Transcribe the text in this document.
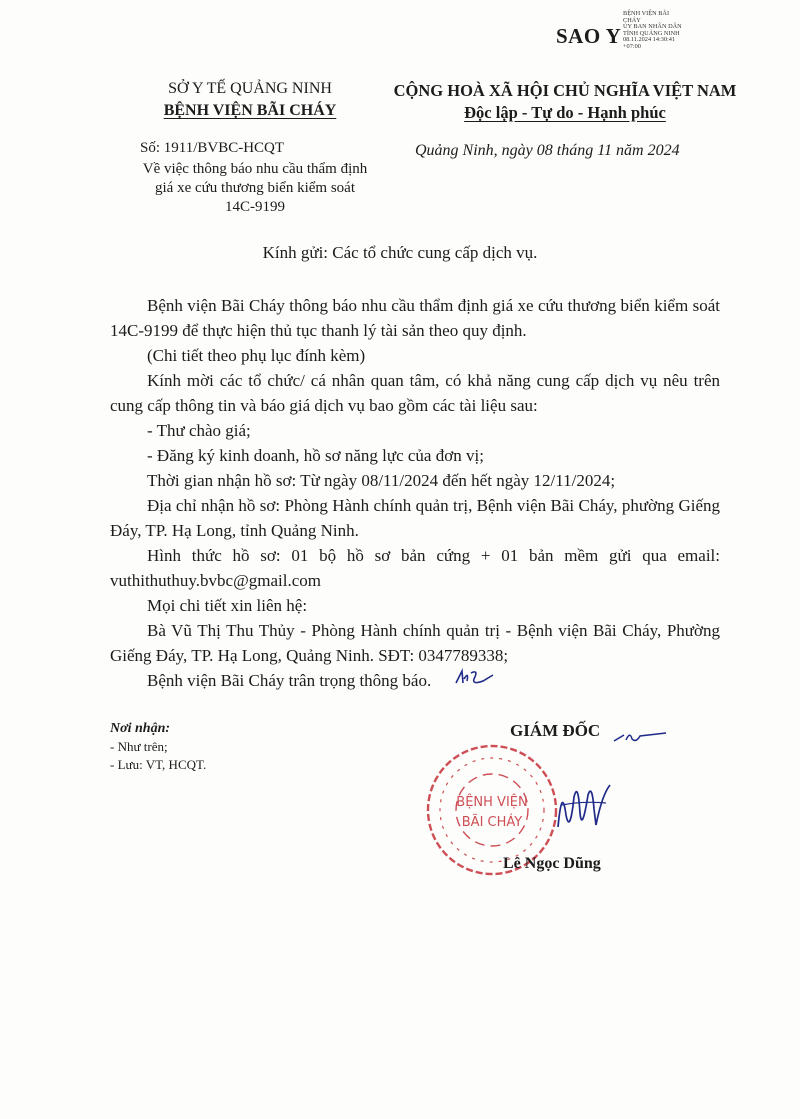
SAO Y
BỆNH VIỆN BÃI
CHÁY
ỦY BAN NHÂN DÂN
TỈNH QUẢNG NINH
08.11.2024 14:30:41
+07:00
SỞ Y TẾ QUẢNG NINH
BỆNH VIỆN BÃI CHÁY
CỘNG HOÀ XÃ HỘI CHỦ NGHĨA VIỆT NAM
Độc lập - Tự do - Hạnh phúc
Số: 1911/BVBC-HCQT
Về việc thông báo nhu cầu thẩm định giá xe cứu thương biển kiểm soát 14C-9199
Quảng Ninh, ngày 08 tháng 11 năm 2024
Kính gửi: Các tổ chức cung cấp dịch vụ.

Bệnh viện Bãi Cháy thông báo nhu cầu thẩm định giá xe cứu thương biển kiểm soát 14C-9199 để thực hiện thủ tục thanh lý tài sản theo quy định.

(Chi tiết theo phụ lục đính kèm)

Kính mời các tổ chức/ cá nhân quan tâm, có khả năng cung cấp dịch vụ nêu trên cung cấp thông tin và báo giá dịch vụ bao gồm các tài liệu sau:

- Thư chào giá;

- Đăng ký kinh doanh, hồ sơ năng lực của đơn vị;

Thời gian nhận hồ sơ: Từ ngày 08/11/2024 đến hết ngày 12/11/2024;

Địa chỉ nhận hồ sơ: Phòng Hành chính quản trị, Bệnh viện Bãi Cháy, phường Giếng Đáy, TP. Hạ Long, tỉnh Quảng Ninh.

Hình thức hồ sơ: 01 bộ hồ sơ bản cứng + 01 bản mềm gửi qua email: vuthithuthuy.bvbc@gmail.com

Mọi chi tiết xin liên hệ:

Bà Vũ Thị Thu Thủy - Phòng Hành chính quản trị - Bệnh viện Bãi Cháy, Phường Giếng Đáy, TP. Hạ Long, Quảng Ninh. SĐT: 0347789338;

Bệnh viện Bãi Cháy trân trọng thông báo.

Nơi nhận:
- Như trên;
- Lưu: VT, HCQT.
GIÁM ĐỐC
BỆNH VIỆN
BÃI CHÁY
Lê Ngọc Dũng
